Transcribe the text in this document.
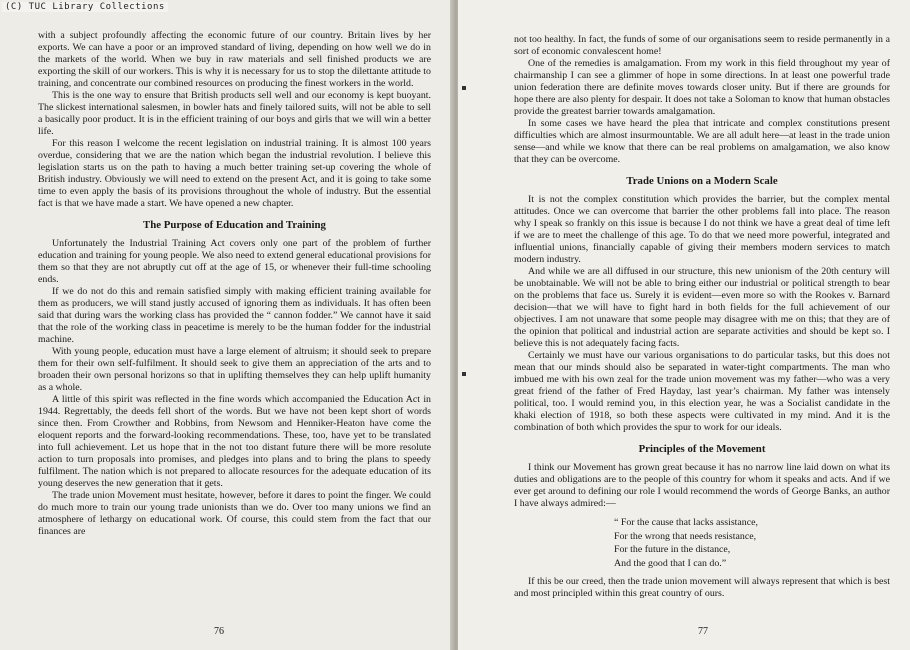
(C) TUC Library Collections

with a subject profoundly affecting the economic future of our country. Britain lives by her exports. We can have a poor or an improved standard of living, depending on how well we do in the markets of the world. When we buy in raw materials and sell finished products we are exporting the skill of our workers. This is why it is necessary for us to stop the dilettante attitude to training, and concentrate our combined resources on producing the finest workers in the world.

This is the one way to ensure that British products sell well and our economy is kept buoyant. The slickest international salesmen, in bowler hats and finely tailored suits, will not be able to sell a basically poor product. It is in the efficient training of our boys and girls that we will win a better life.

For this reason I welcome the recent legislation on industrial training. It is almost 100 years overdue, considering that we are the nation which began the industrial revolution. I believe this legislation starts us on the path to having a much better training set-up covering the whole of British industry. Obviously we will need to extend on the present Act, and it is going to take some time to even apply the basis of its provisions throughout the whole of industry. But the essential fact is that we have made a start. We have opened a new chapter.

The Purpose of Education and Training

Unfortunately the Industrial Training Act covers only one part of the problem of further education and training for young people. We also need to extend general educational provisions for them so that they are not abruptly cut off at the age of 15, or whenever their full-time schooling ends.

If we do not do this and remain satisfied simply with making efficient training available for them as producers, we will stand justly accused of ignoring them as individuals. It has often been said that during wars the working class has provided the “ cannon fodder.” We cannot have it said that the role of the working class in peacetime is merely to be the human fodder for the industrial machine.

With young people, education must have a large element of altruism; it should seek to prepare them for their own self-fulfilment. It should seek to give them an appreciation of the arts and to broaden their own personal horizons so that in uplifting themselves they can help uplift humanity as a whole.

A little of this spirit was reflected in the fine words which accompanied the Education Act in 1944. Regrettably, the deeds fell short of the words. But we have not been kept short of words since then. From Crowther and Robbins, from Newsom and Henniker-Heaton have come the eloquent reports and the forward-looking recommendations. These, too, have yet to be translated into full achievement. Let us hope that in the not too distant future there will be more resolute action to turn proposals into promises, and pledges into plans and to bring the plans to speedy fulfilment. The nation which is not prepared to allocate resources for the adequate education of its young deserves the new generation that it gets.

The trade union Movement must hesitate, however, before it dares to point the finger. We could do much more to train our young trade unionists than we do. Over too many unions we find an atmosphere of lethargy on educational work. Of course, this could stem from the fact that our finances are

76

not too healthy. In fact, the funds of some of our organisations seem to reside permanently in a sort of economic convalescent home!

One of the remedies is amalgamation. From my work in this field throughout my year of chairmanship I can see a glimmer of hope in some directions. In at least one powerful trade union federation there are definite moves towards closer unity. But if there are grounds for hope there are also plenty for despair. It does not take a Soloman to know that human obstacles provide the greatest barrier towards amalgamation.

In some cases we have heard the plea that intricate and complex constitutions present difficulties which are almost insurmountable. We are all adult here—at least in the trade union sense—and while we know that there can be real problems on amalgamation, we also know that they can be overcome.

Trade Unions on a Modern Scale

It is not the complex constitution which provides the barrier, but the complex mental attitudes. Once we can overcome that barrier the other problems fall into place. The reason why I speak so frankly on this issue is because I do not think we have a great deal of time left if we are to meet the challenge of this age. To do that we need more powerful, integrated and influential unions, financially capable of giving their members modern services to match modern industry.

And while we are all diffused in our structure, this new unionism of the 20th century will be unobtainable. We will not be able to bring either our industrial or political strength to bear on the problems that face us. Surely it is evident—even more so with the Rookes v. Barnard decision—that we will have to fight hard in both fields for the full achievement of our objectives. I am not unaware that some people may disagree with me on this; that they are of the opinion that political and industrial action are separate activities and should be kept so. I believe this is not adequately facing facts.

Certainly we must have our various organisations to do particular tasks, but this does not mean that our minds should also be separated in water-tight compartments. The man who imbued me with his own zeal for the trade union movement was my father—who was a very great friend of the father of Fred Hayday, last year’s chairman. My father was intensely political, too. I would remind you, in this election year, he was a Socialist candidate in the khaki election of 1918, so both these aspects were cultivated in my mind. And it is the combination of both which provides the spur to work for our ideals.

Principles of the Movement

I think our Movement has grown great because it has no narrow line laid down on what its duties and obligations are to the people of this country for whom it speaks and acts. And if we ever get around to defining our role I would recommend the words of George Banks, an author I have always admired:—

“ For the cause that lacks assistance,
For the wrong that needs resistance,
For the future in the distance,
And the good that I can do.”

If this be our creed, then the trade union movement will always represent that which is best and most principled within this great country of ours.

77
